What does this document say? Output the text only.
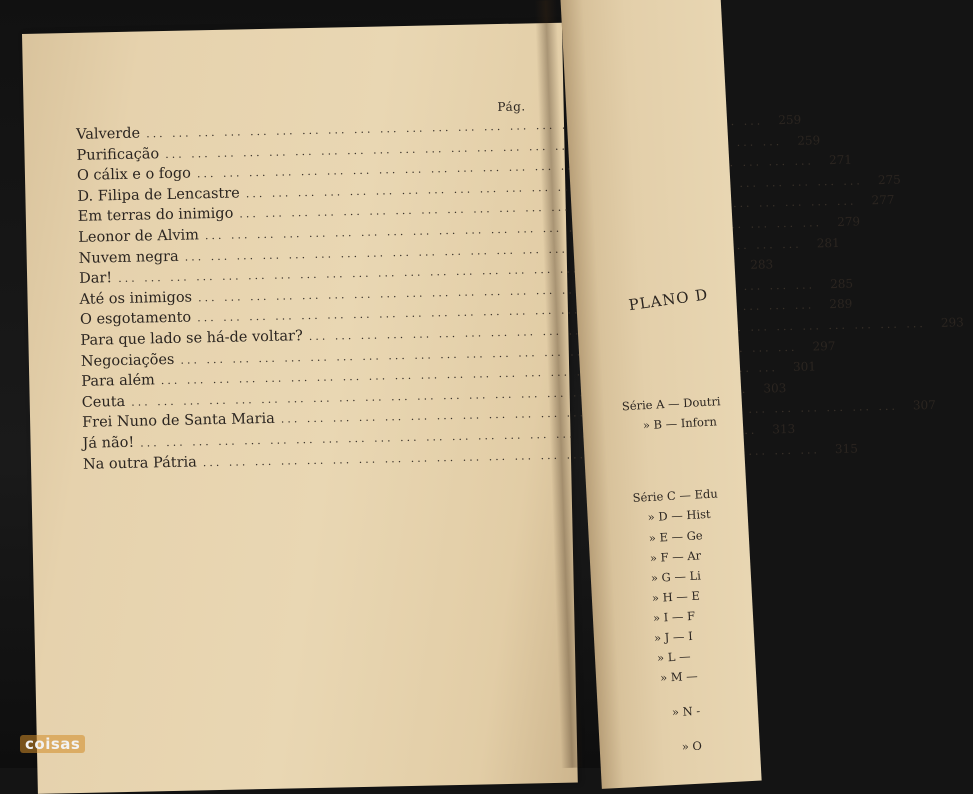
Pág.
Valverde
... .
259
Purificação
... .
259
O cálix e o fogo
... .
271
D. Filipa de Lencastre
... .
275
Em terras do inimigo
... .
277
Leonor de Alvim
... .
279
Nuvem negra
... .
281
Dar!
... .
283
Até os inimigos
... .
285
O esgotamento
... .
289
Para que lado se há-de voltar?
... .
293
Negociações
... .
297
Para além
... .
301
Ceuta
... .
303
Frei Nuno de Santa Maria
... .
307
Já não!
... .
313
Na outra Pátria
... .
315
PLANO D
Série A — Doutri
» B — Inforn
Série C — Edu
» D — Hist
» E — Ge
» F — Ar
» G — Li
» H — E
» I — F
» J — I
» L —
» M —
» N -
» O
coisas
